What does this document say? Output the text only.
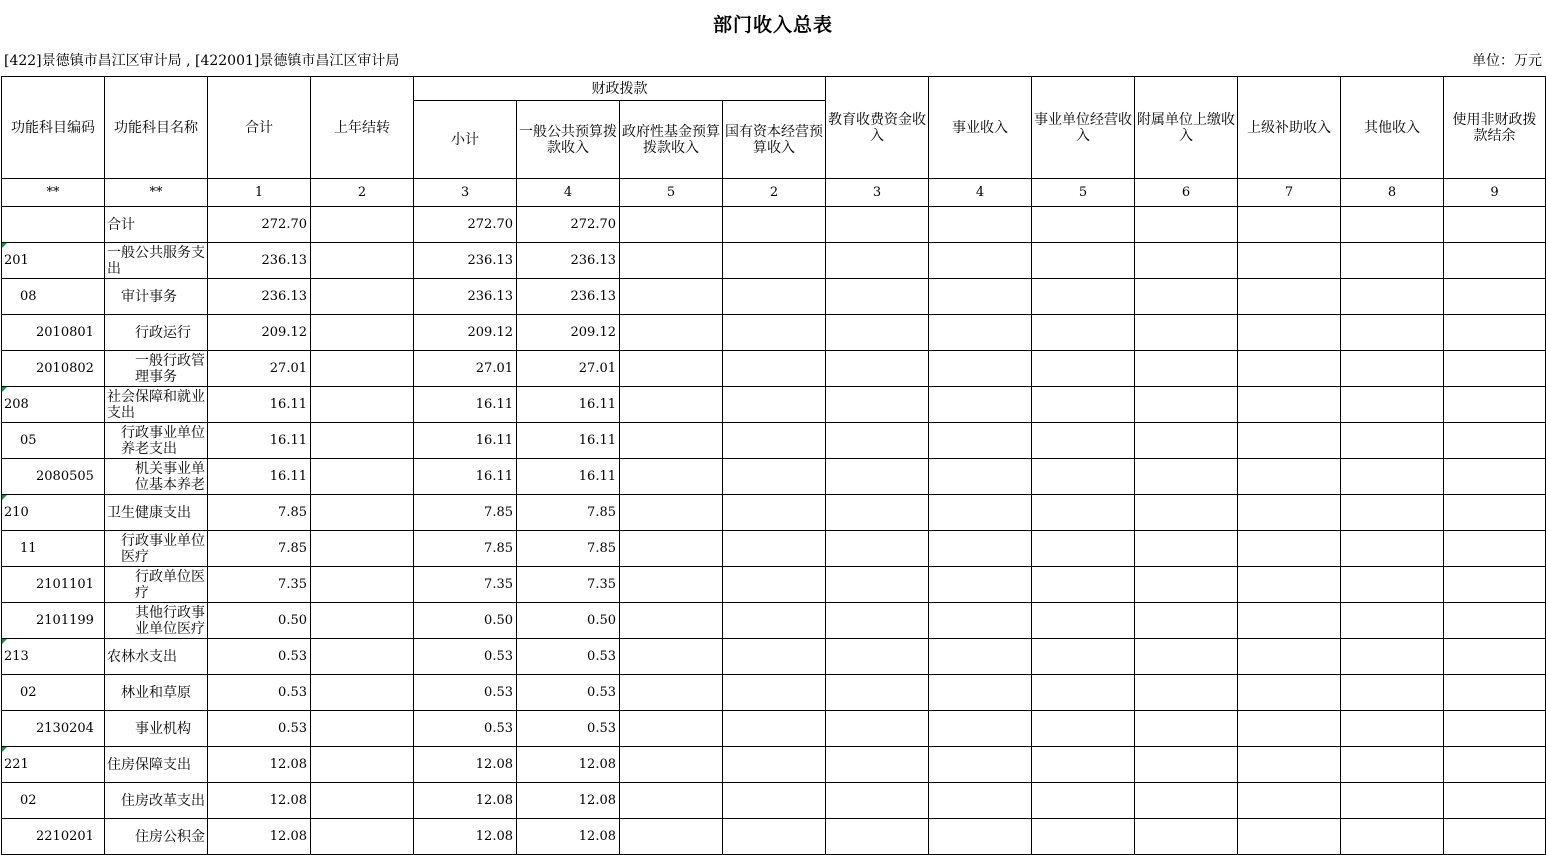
部门收入总表
[422]景德镇市昌江区审计局 , [422001]景德镇市昌江区审计局	单位：万元
功能科目编码	功能科目名称	合计	上年结转	财政拨款				教育收费资金收入	事业收入	事业单位经营收入	附属单位上缴收入	上级补助收入	其他收入	使用非财政拨款结余
				小计	一般公共预算拨款收入	政府性基金预算拨款收入	国有资本经营预算收入							
**	**	1	2	3	4	5	2	3	4	5	6	7	8	9
	合计	272.70		272.70	272.70									

201	一般公共服务支出	236.13		236.13	236.13									
08	审计事务	236.13		236.13	236.13									
2010801	行政运行	209.12		209.12	209.12									
2010802	一般行政管理事务	27.01		27.01	27.01									

208	社会保障和就业支出	16.11		16.11	16.11									
05	行政事业单位养老支出	16.11		16.11	16.11									
2080505	机关事业单位基本养老	16.11		16.11	16.11									

210	卫生健康支出	7.85		7.85	7.85									
11	行政事业单位医疗	7.85		7.85	7.85									
2101101	行政单位医疗	7.35		7.35	7.35									
2101199	其他行政事业单位医疗	0.50		0.50	0.50									

213	农林水支出	0.53		0.53	0.53									
02	林业和草原	0.53		0.53	0.53									
2130204	事业机构	0.53		0.53	0.53									

221	住房保障支出	12.08		12.08	12.08									
02	住房改革支出	12.08		12.08	12.08									
2210201	住房公积金	12.08		12.08	12.08									
